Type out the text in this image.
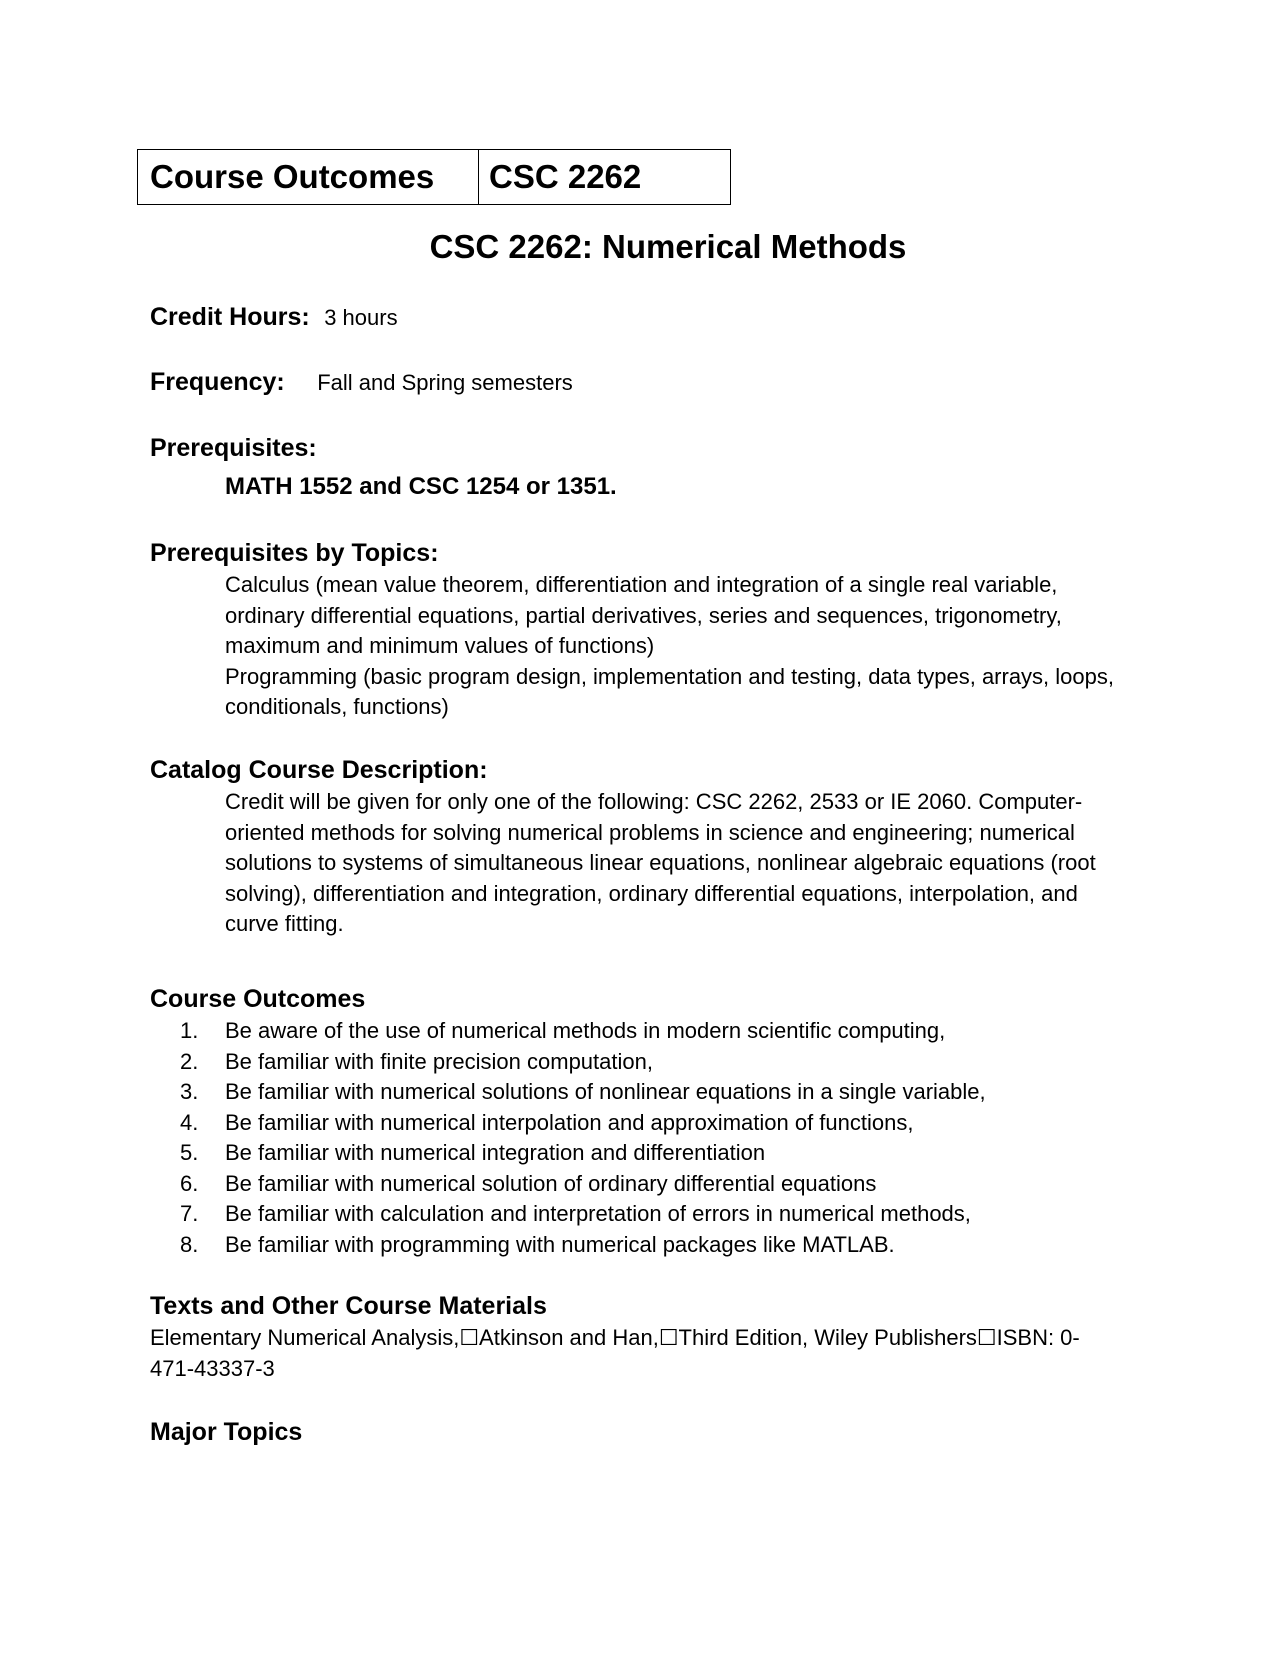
Course Outcomes	CSC 2262
CSC 2262: Numerical Methods
Credit Hours: 3 hours
Frequency: Fall and Spring semesters
Prerequisites:
MATH 1552 and CSC 1254 or 1351.
Prerequisites by Topics:

Calculus (mean value theorem, differentiation and integration of a single real variable, ordinary differential equations, partial derivatives, series and sequences, trigonometry, maximum and minimum values of functions)

Programming (basic program design, implementation and testing, data types, arrays, loops, conditionals, functions)

Catalog Course Description:
Credit will be given for only one of the following: CSC 2262, 2533 or IE 2060. Computer-oriented methods for solving numerical problems in science and engineering; numerical solutions to systems of simultaneous linear equations, nonlinear algebraic equations (root solving), differentiation and integration, ordinary differential equations, interpolation, and curve fitting.
Course Outcomes
1.	Be aware of the use of numerical methods in modern scientific computing,
2.	Be familiar with finite precision computation,
3.	Be familiar with numerical solutions of nonlinear equations in a single variable,
4.	Be familiar with numerical interpolation and approximation of functions,
5.	Be familiar with numerical integration and differentiation
6.	Be familiar with numerical solution of ordinary differential equations
7.	Be familiar with calculation and interpretation of errors in numerical methods,
8.	Be familiar with programming with numerical packages like MATLAB.
Texts and Other Course Materials
Elementary Numerical Analysis,☐Atkinson and Han,☐Third Edition, Wiley Publishers☐ISBN: 0-471-43337-3
Major Topics
